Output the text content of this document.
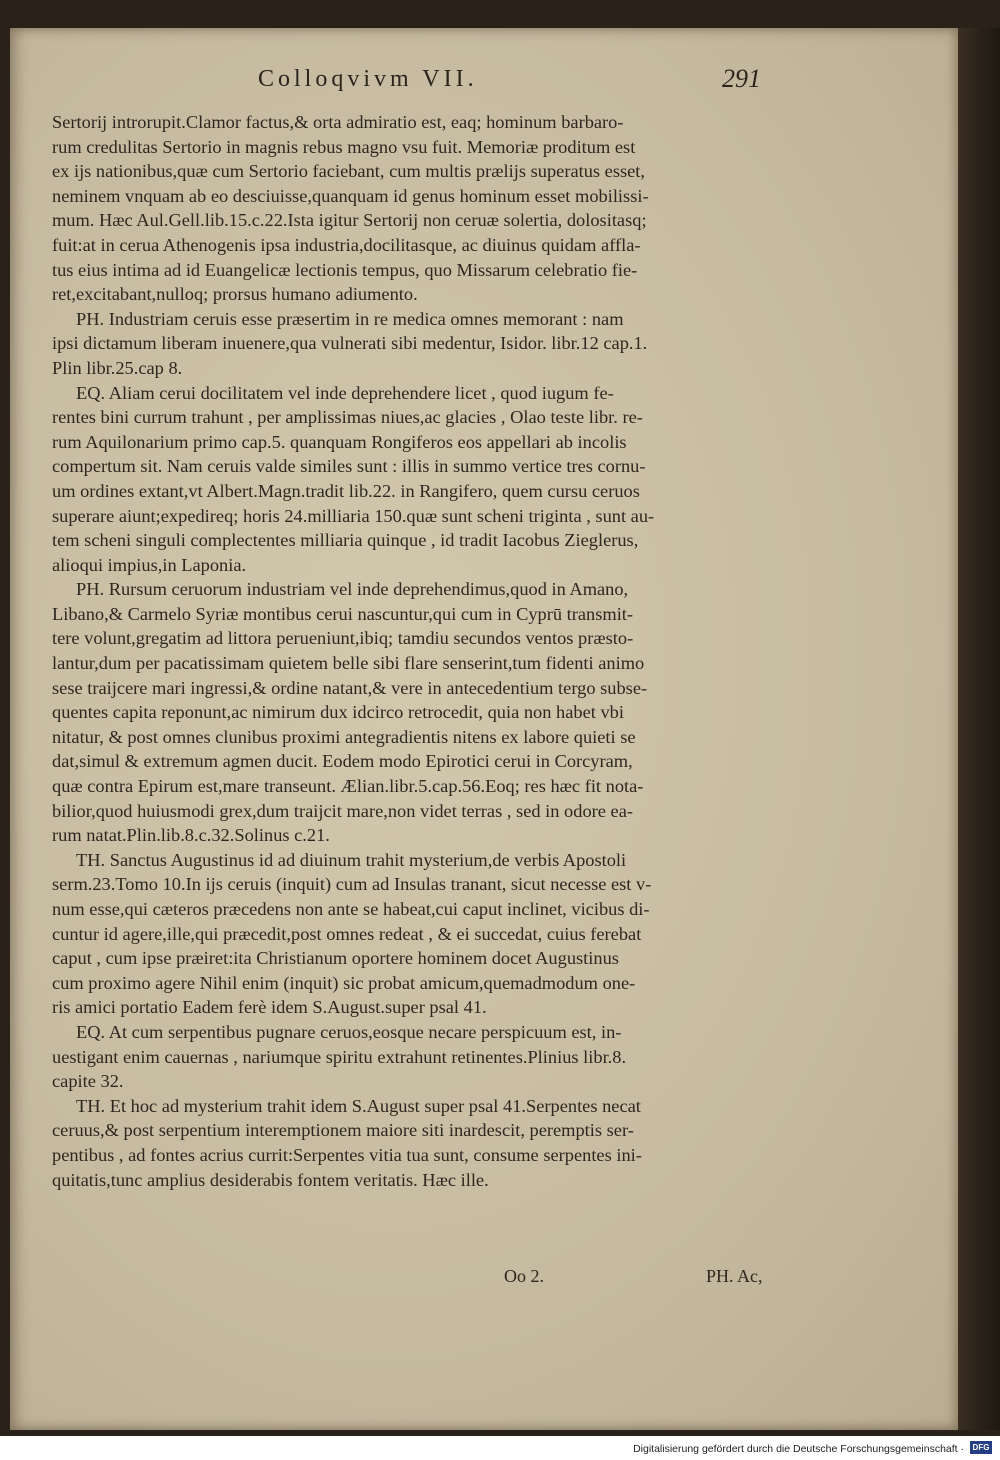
Colloqvivm VII.	291
Sertorij introrupit.Clamor factus,& orta admiratio est, eaq; hominum barbaro-
rum credulitas Sertorio in magnis rebus magno vsu fuit. Memoriæ proditum est
ex ijs nationibus,quæ cum Sertorio faciebant, cum multis prælijs superatus esset,
neminem vnquam ab eo desciuisse,quanquam id genus hominum esset mobilissi-
mum. Hæc Aul.Gell.lib.15.c.22.Ista igitur Sertorij non ceruæ solertia, dolositasq;
fuit:at in cerua Athenogenis ipsa industria,docilitasque, ac diuinus quidam affla-
tus eius intima ad id Euangelicæ lectionis tempus, quo Missarum celebratio fie-
ret,excitabant,nulloq; prorsus humano adiumento.
PH. Industriam ceruis esse præsertim in re medica omnes memorant : nam
ipsi dictamum liberam inuenere,qua vulnerati sibi medentur, Isidor. libr.12 cap.1.
Plin libr.25.cap 8.
EQ. Aliam cerui docilitatem vel inde deprehendere licet , quod iugum fe-
rentes bini currum trahunt , per amplissimas niues,ac glacies , Olao teste libr. re-
rum Aquilonarium primo cap.5. quanquam Rongiferos eos appellari ab incolis
compertum sit. Nam ceruis valde similes sunt : illis in summo vertice tres cornu-
um ordines extant,vt Albert.Magn.tradit lib.22. in Rangifero, quem cursu ceruos
superare aiunt;expedireq; horis 24.milliaria 150.quæ sunt scheni triginta , sunt au-
tem scheni singuli complectentes milliaria quinque , id tradit Iacobus Zieglerus,
alioqui impius,in Laponia.
PH. Rursum ceruorum industriam vel inde deprehendimus,quod in Amano,
Libano,& Carmelo Syriæ montibus cerui nascuntur,qui cum in Cyprū transmit-
tere volunt,gregatim ad littora perueniunt,ibiq; tamdiu secundos ventos præsto-
lantur,dum per pacatissimam quietem belle sibi flare senserint,tum fidenti animo
sese traijcere mari ingressi,& ordine natant,& vere in antecedentium tergo subse-
quentes capita reponunt,ac nimirum dux idcirco retrocedit, quia non habet vbi
nitatur, & post omnes clunibus proximi antegradientis nitens ex labore quieti se
dat,simul & extremum agmen ducit. Eodem modo Epirotici cerui in Corcyram,
quæ contra Epirum est,mare transeunt. Ælian.libr.5.cap.56.Eoq; res hæc fit nota-
bilior,quod huiusmodi grex,dum traijcit mare,non videt terras , sed in odore ea-
rum natat.Plin.lib.8.c.32.Solinus c.21.
TH. Sanctus Augustinus id ad diuinum trahit mysterium,de verbis Apostoli
serm.23.Tomo 10.In ijs ceruis (inquit) cum ad Insulas tranant, sicut necesse est v-
num esse,qui cæteros præcedens non ante se habeat,cui caput inclinet, vicibus di-
cuntur id agere,ille,qui præcedit,post omnes redeat , & ei succedat, cuius ferebat
caput , cum ipse præiret:ita Christianum oportere hominem docet Augustinus
cum proximo agere Nihil enim (inquit) sic probat amicum,quemadmodum one-
ris amici portatio Eadem ferè idem S.August.super psal 41.
EQ. At cum serpentibus pugnare ceruos,eosque necare perspicuum est, in-
uestigant enim cauernas , nariumque spiritu extrahunt retinentes.Plinius libr.8.
capite 32.
TH. Et hoc ad mysterium trahit idem S.August super psal 41.Serpentes necat
ceruus,& post serpentium interemptionem maiore siti inardescit, peremptis ser-
pentibus , ad fontes acrius currit:Serpentes vitia tua sunt, consume serpentes ini-
quitatis,tunc amplius desiderabis fontem veritatis. Hæc ille.
Oo 2.	PH. Ac,
Digitalisierung gefördert durch die Deutsche Forschungsgemeinschaft ·	DFG
